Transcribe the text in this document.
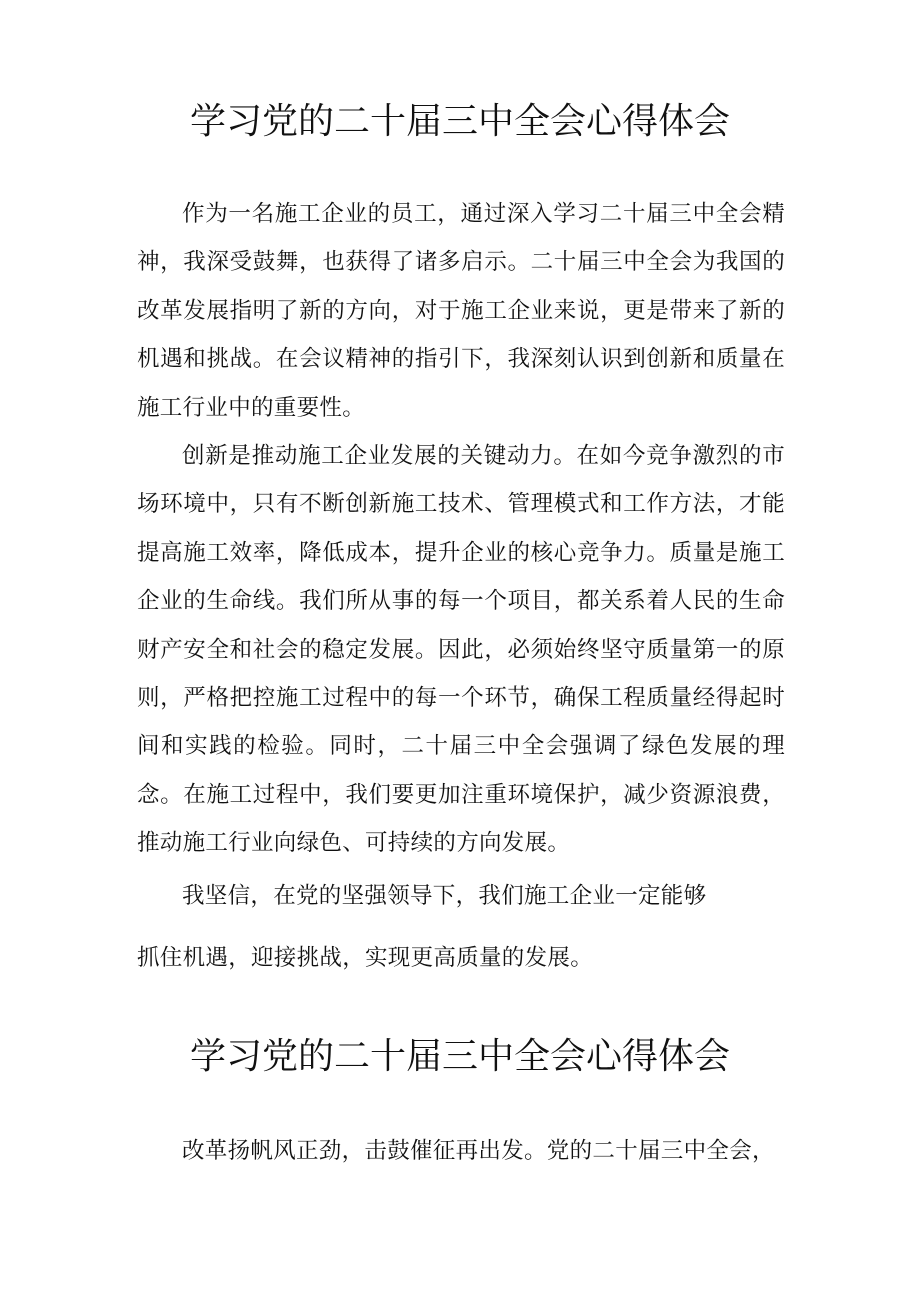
学习党的二十届三中全会心得体会

作为一名施工企业的员工，通过深入学习二十届三中全会精神，我深受鼓舞，也获得了诸多启示。二十届三中全会为我国的改革发展指明了新的方向，对于施工企业来说，更是带来了新的机遇和挑战。在会议精神的指引下，我深刻认识到创新和质量在施工行业中的重要性。

创新是推动施工企业发展的关键动力。在如今竞争激烈的市场环境中，只有不断创新施工技术、管理模式和工作方法，才能提高施工效率，降低成本，提升企业的核心竞争力。质量是施工企业的生命线。我们所从事的每一个项目，都关系着人民的生命财产安全和社会的稳定发展。因此，必须始终坚守质量第一的原则，严格把控施工过程中的每一个环节，确保工程质量经得起时间和实践的检验。同时，二十届三中全会强调了绿色发展的理念。在施工过程中，我们要更加注重环境保护，减少资源浪费，推动施工行业向绿色、可持续的方向发展。

我坚信，在党的坚强领导下，我们施工企业一定能够

抓住机遇，迎接挑战，实现更高质量的发展。

学习党的二十届三中全会心得体会

改革扬帆风正劲，击鼓催征再出发。党的二十届三中全会，
